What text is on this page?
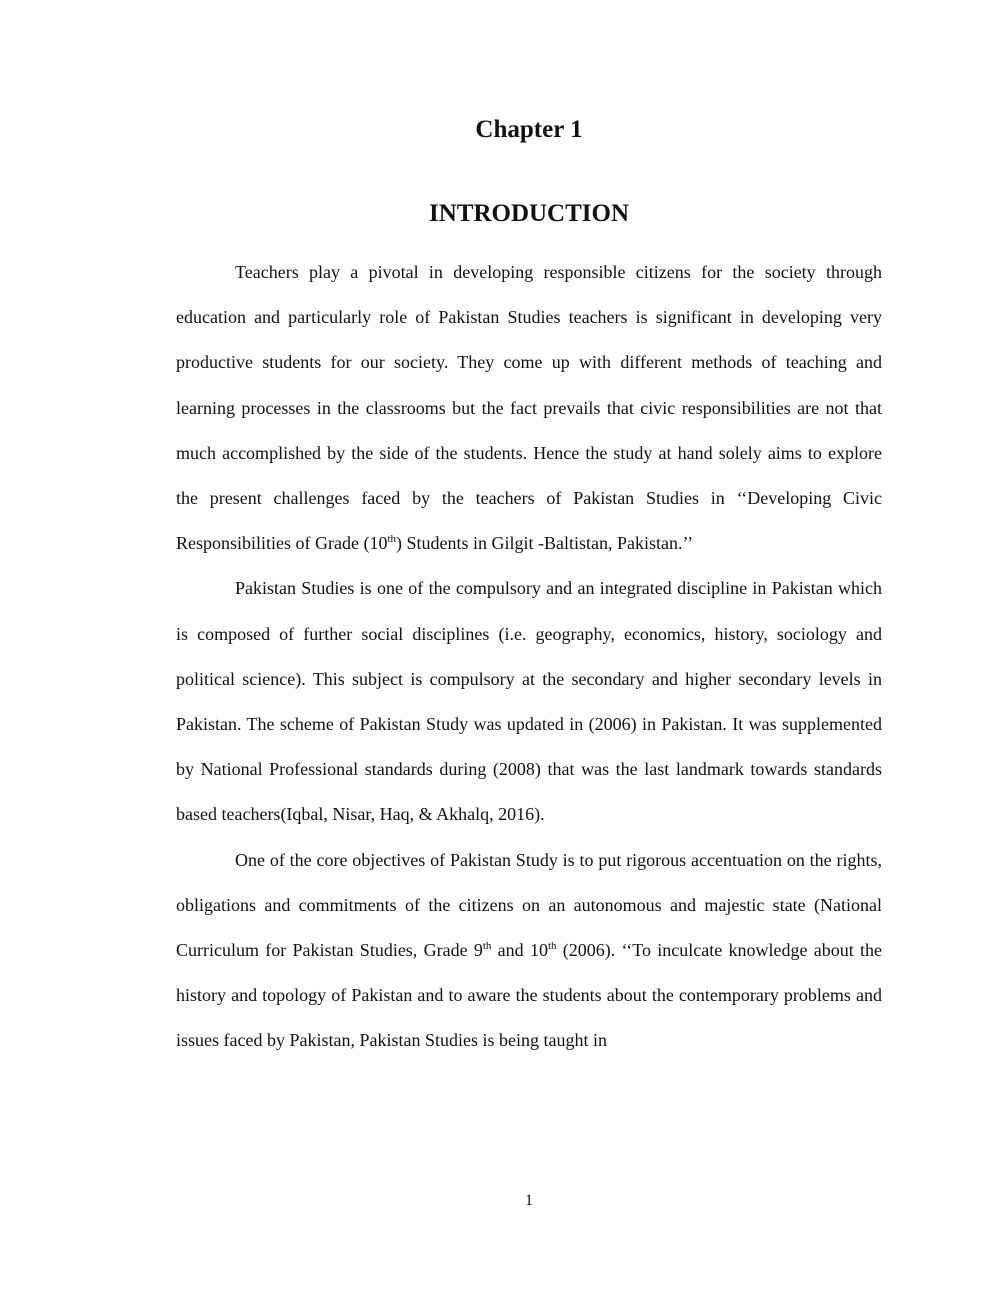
Chapter 1
INTRODUCTION

Teachers play a pivotal in developing responsible citizens for the society through education and particularly role of Pakistan Studies teachers is significant in developing very productive students for our society. They come up with different methods of teaching and learning processes in the classrooms but the fact prevails that civic responsibilities are not that much accomplished by the side of the students. Hence the study at hand solely aims to explore the present challenges faced by the teachers of Pakistan Studies in ‘‘Developing Civic Responsibilities of Grade (10th) Students in Gilgit -Baltistan, Pakistan.’’

Pakistan Studies is one of the compulsory and an integrated discipline in Pakistan which is composed of further social disciplines (i.e. geography, economics, history, sociology and political science). This subject is compulsory at the secondary and higher secondary levels in Pakistan. The scheme of Pakistan Study was updated in (2006) in Pakistan. It was supplemented by National Professional standards during (2008) that was the last landmark towards standards based teachers(Iqbal, Nisar, Haq, & Akhalq, 2016).

One of the core objectives of Pakistan Study is to put rigorous accentuation on the rights, obligations and commitments of the citizens on an autonomous and majestic state (National Curriculum for Pakistan Studies, Grade 9th and 10th (2006). ‘‘To inculcate knowledge about the history and topology of Pakistan and to aware the students about the contemporary problems and issues faced by Pakistan, Pakistan Studies is being taught in

1
